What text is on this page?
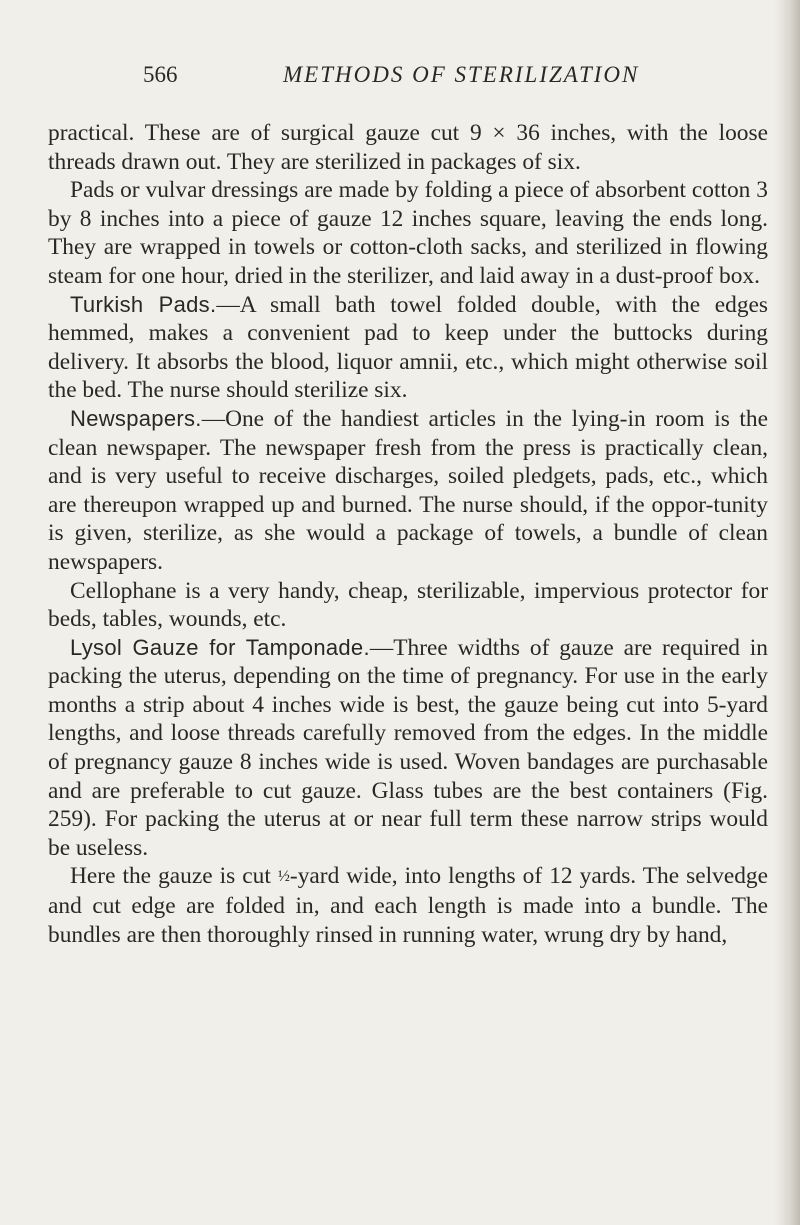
566	METHODS OF STERILIZATION

practical. These are of surgical gauze cut 9 × 36 inches, with the loose threads drawn out. They are sterilized in packages of six.

Pads or vulvar dressings are made by folding a piece of absorbent cotton 3 by 8 inches into a piece of gauze 12 inches square, leaving the ends long. They are wrapped in towels or cotton-cloth sacks, and sterilized in flowing steam for one hour, dried in the sterilizer, and laid away in a dust-proof box.

Turkish Pads.—A small bath towel folded double, with the edges hemmed, makes a convenient pad to keep under the buttocks during delivery. It absorbs the blood, liquor amnii, etc., which might otherwise soil the bed. The nurse should sterilize six.

Newspapers.—One of the handiest articles in the lying-in room is the clean newspaper. The newspaper fresh from the press is practically clean, and is very useful to receive discharges, soiled pledgets, pads, etc., which are thereupon wrapped up and burned. The nurse should, if the oppor-tunity is given, sterilize, as she would a package of towels, a bundle of clean newspapers.

Cellophane is a very handy, cheap, sterilizable, impervious protector for beds, tables, wounds, etc.

Lysol Gauze for Tamponade.—Three widths of gauze are required in packing the uterus, depending on the time of pregnancy. For use in the early months a strip about 4 inches wide is best, the gauze being cut into 5-yard lengths, and loose threads carefully removed from the edges. In the middle of pregnancy gauze 8 inches wide is used. Woven bandages are purchasable and are preferable to cut gauze. Glass tubes are the best containers (Fig. 259). For packing the uterus at or near full term these narrow strips would be useless.

Here the gauze is cut ½-yard wide, into lengths of 12 yards. The selvedge and cut edge are folded in, and each length is made into a bundle. The bundles are then thoroughly rinsed in running water, wrung dry by hand,
